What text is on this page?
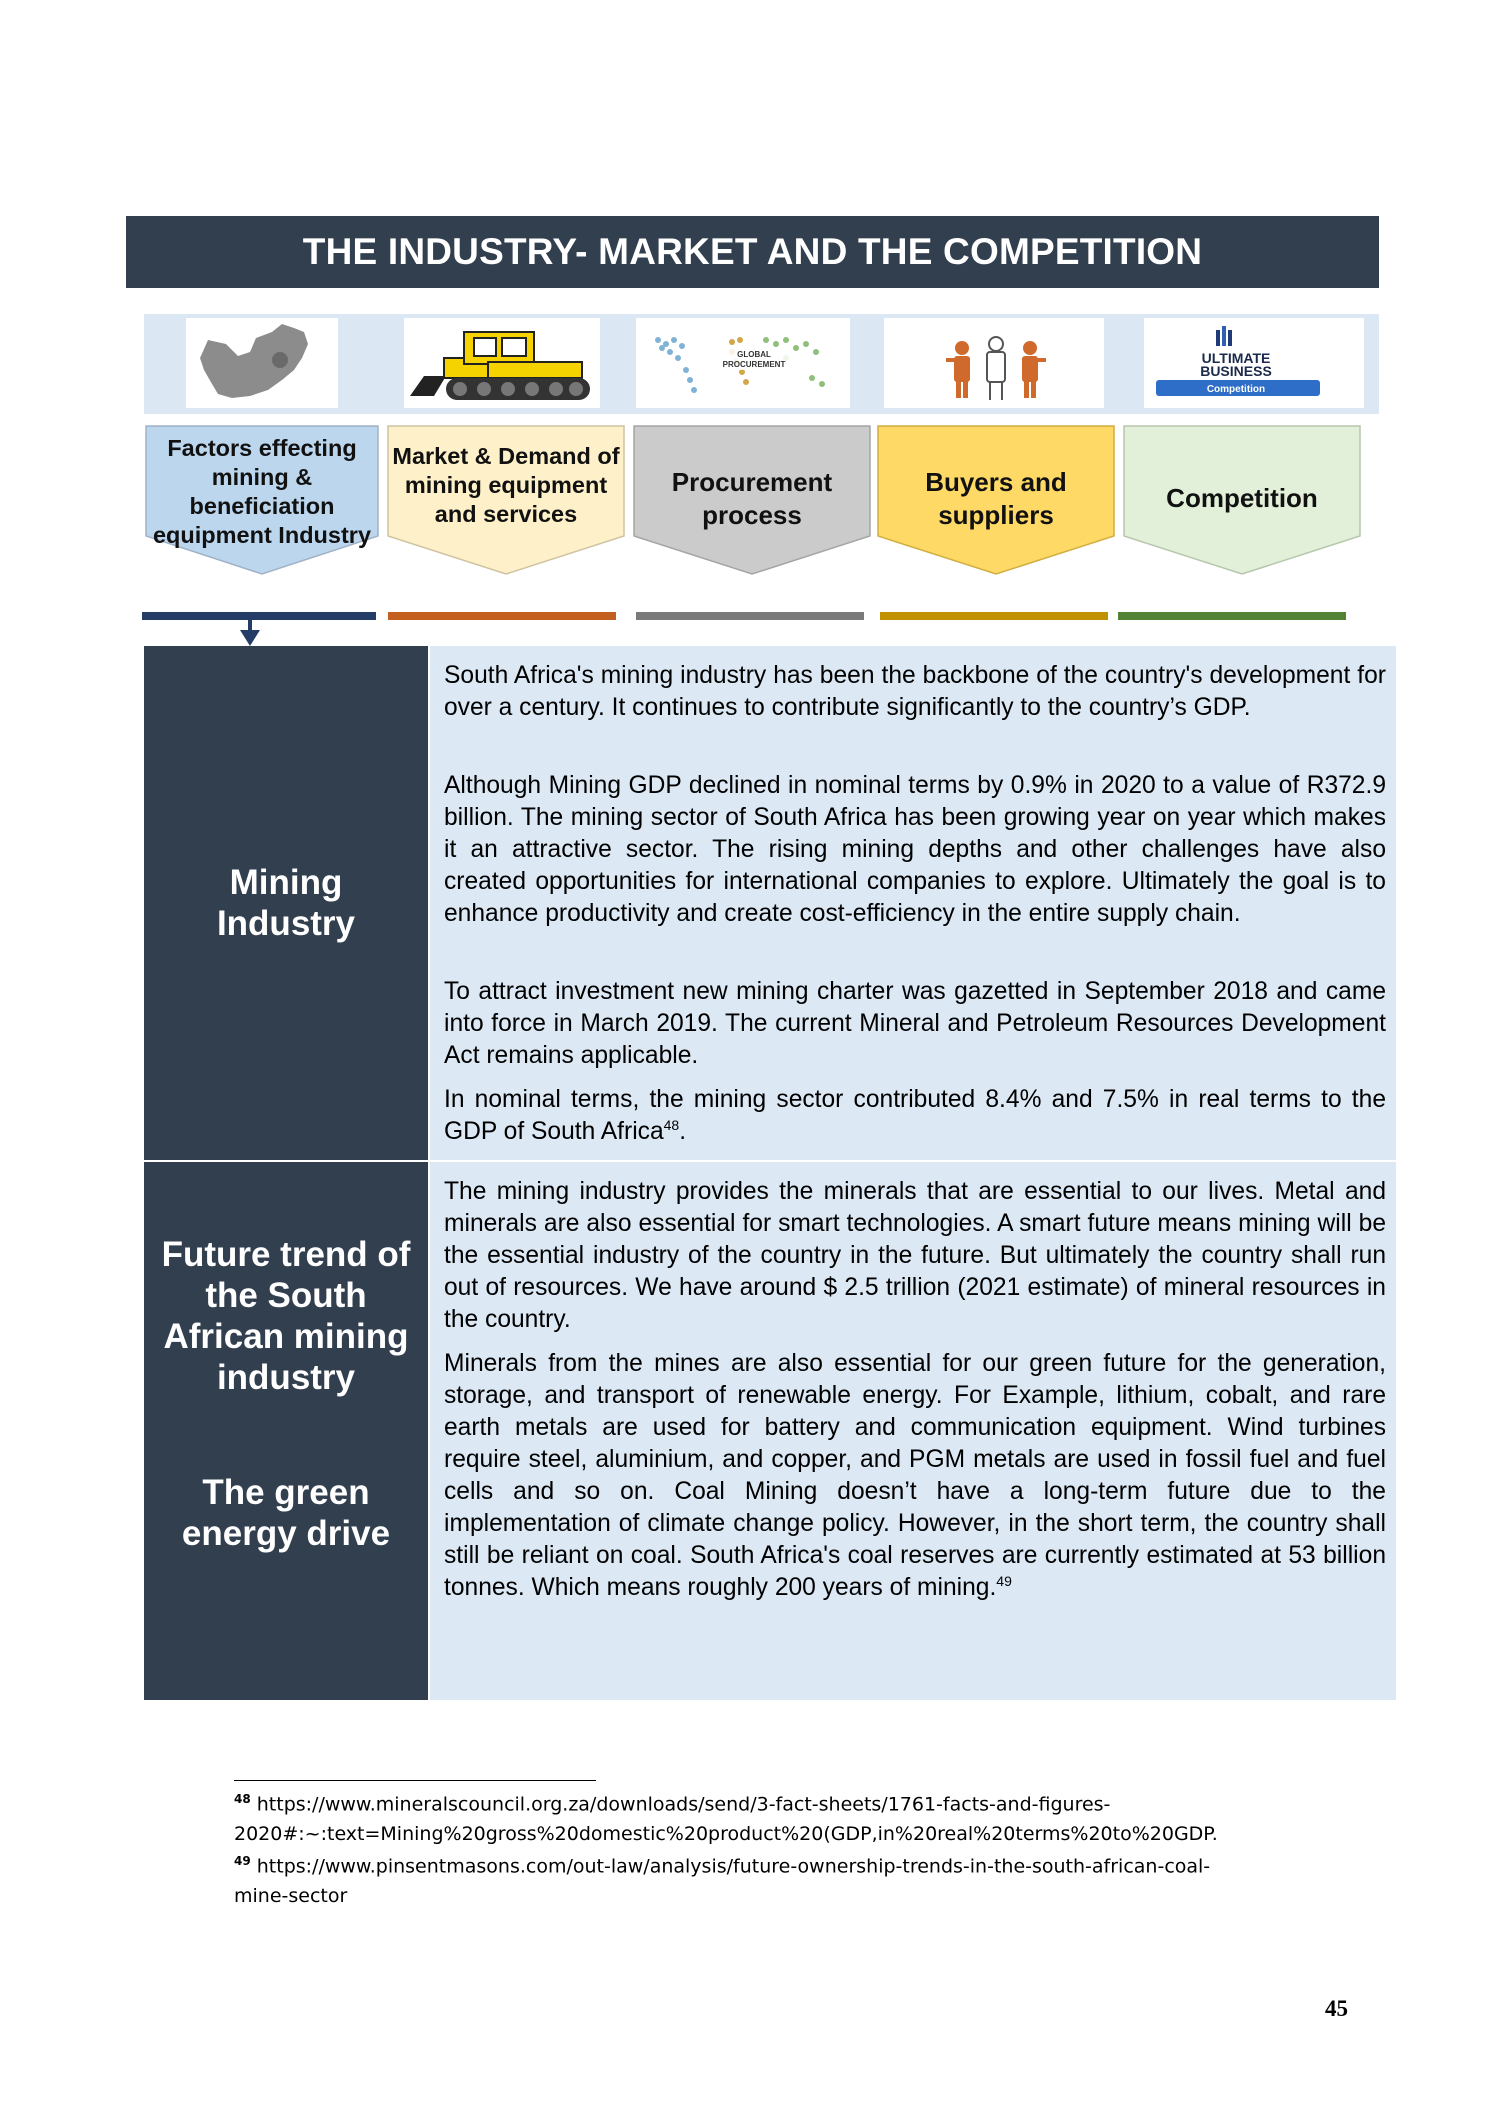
THE INDUSTRY- MARKET AND THE COMPETITION
GLOBAL
PROCUREMENT	ULTIMATE
BUSINESS
Competition
Factors effecting mining & beneficiation equipment Industry
Market & Demand of mining equipment and services
Procurement process
Buyers and suppliers
Competition
Mining Industry
South Africa's mining industry has been the backbone of the country's development for over a century. It continues to contribute significantly to the country’s GDP.
Although Mining GDP declined in nominal terms by 0.9% in 2020 to a value of R372.9 billion. The mining sector of South Africa has been growing year on year which makes it an attractive sector. The rising mining depths and other challenges have also created opportunities for international companies to explore. Ultimately the goal is to enhance productivity and create cost-efficiency in the entire supply chain.
To attract investment new mining charter was gazetted in September 2018 and came into force in March 2019. The current Mineral and Petroleum Resources Development Act remains applicable.
In nominal terms, the mining sector contributed 8.4% and 7.5% in real terms to the GDP of South Africa$^{48}$.
Future trend of the South African mining industry
The green energy drive
The mining industry provides the minerals that are essential to our lives. Metal and minerals are also essential for smart technologies. A smart future means mining will be the essential industry of the country in the future. But ultimately the country shall run out of resources. We have around $ 2.5 trillion (2021 estimate) of mineral resources in the country.
Minerals from the mines are also essential for our green future for the generation, storage, and transport of renewable energy. For Example, lithium, cobalt, and rare earth metals are used for battery and communication equipment. Wind turbines require steel, aluminium, and copper, and PGM metals are used in fossil fuel and fuel cells and so on. Coal Mining doesn’t have a long-term future due to the implementation of climate change policy. However, in the short term, the country shall still be reliant on coal. South Africa's coal reserves are currently estimated at 53 billion tonnes. Which means roughly 200 years of mining.$^{49}$
$^{48}$ https://www.mineralscouncil.org.za/downloads/send/3-fact-sheets/1761-facts-and-figures-
2020#:~:text=Mining%20gross%20domestic%20product%20(GDP,in%20real%20terms%20to%20GDP.
$^{49}$ https://www.pinsentmasons.com/out-law/analysis/future-ownership-trends-in-the-south-african-coal-
mine-sector
45
